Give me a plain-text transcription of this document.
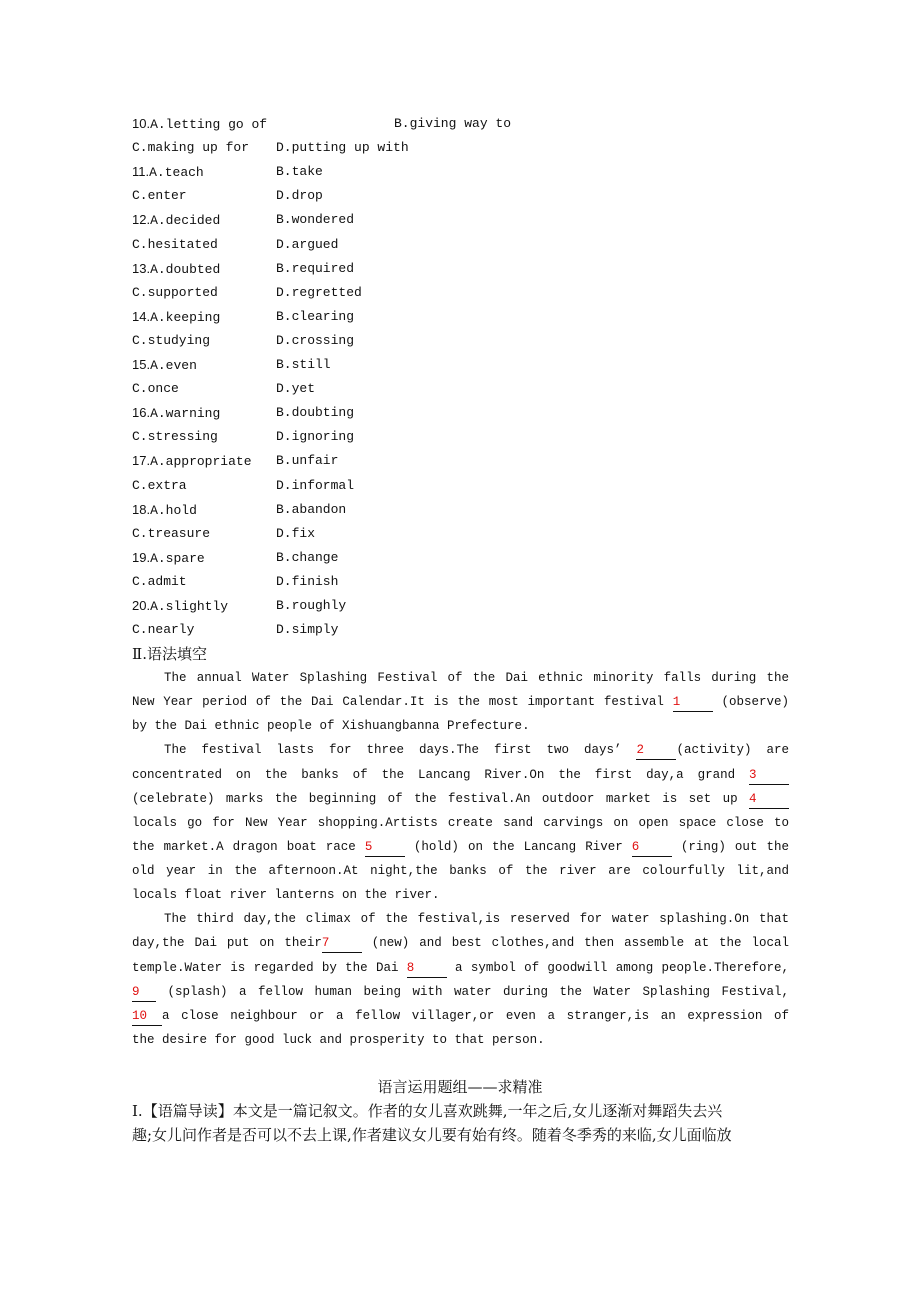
10.A.letting go of	B.giving way to
C.making up for D.putting up with
11.A.teach	B.take
C.enter	D.drop
12.A.decided	B.wondered
C.hesitated	D.argued
13.A.doubted	B.required
C.supported	D.regretted
14.A.keeping	B.clearing
C.studying	D.crossing
15.A.even	B.still
C.once	D.yet
16.A.warning	B.doubting
C.stressing	D.ignoring
17.A.appropriate B.unfair
C.extra	D.informal
18.A.hold	B.abandon
C.treasure	D.fix
19.A.spare	B.change
C.admit	D.finish
20.A.slightly	B.roughly
C.nearly	D.simply
Ⅱ.语法填空
The annual Water Splashing Festival of the Dai ethnic minority falls during the
New Year period of the Dai Calendar.It is the most important festival 1	(observe)
by the Dai ethnic people of Xishuangbanna Prefecture.
The festival lasts for three days.The first two days’ 2	(activity) are
concentrated on the banks of the Lancang River.On the first day,a grand 3
(celebrate) marks the beginning of the festival.An outdoor market is set up 4
locals go for New Year shopping.Artists create sand carvings on open space close to
the market.A dragon boat race 5	(hold) on the Lancang River 6	(ring) out the
old year in the afternoon.At night,the banks of the river are colourfully lit,and
locals float river lanterns on the river.
The third day,the climax of the festival,is reserved for water splashing.On that
day,the Dai put on their7	(new) and best clothes,and then assemble at the local
temple.Water is regarded by the Dai 8	a symbol of goodwill among people.Therefore,
9 (splash) a fellow human being with water during the Water Splashing Festival,
10 a close neighbour or a fellow villager,or even a stranger,is an expression of
the desire for good luck and prosperity to that person.
语言运用题组——求精准
Ⅰ.【语篇导读】本文是一篇记叙文。作者的女儿喜欢跳舞,一年之后,女儿逐渐对舞蹈失去兴
趣;女儿问作者是否可以不去上课,作者建议女儿要有始有终。随着冬季秀的来临,女儿面临放
